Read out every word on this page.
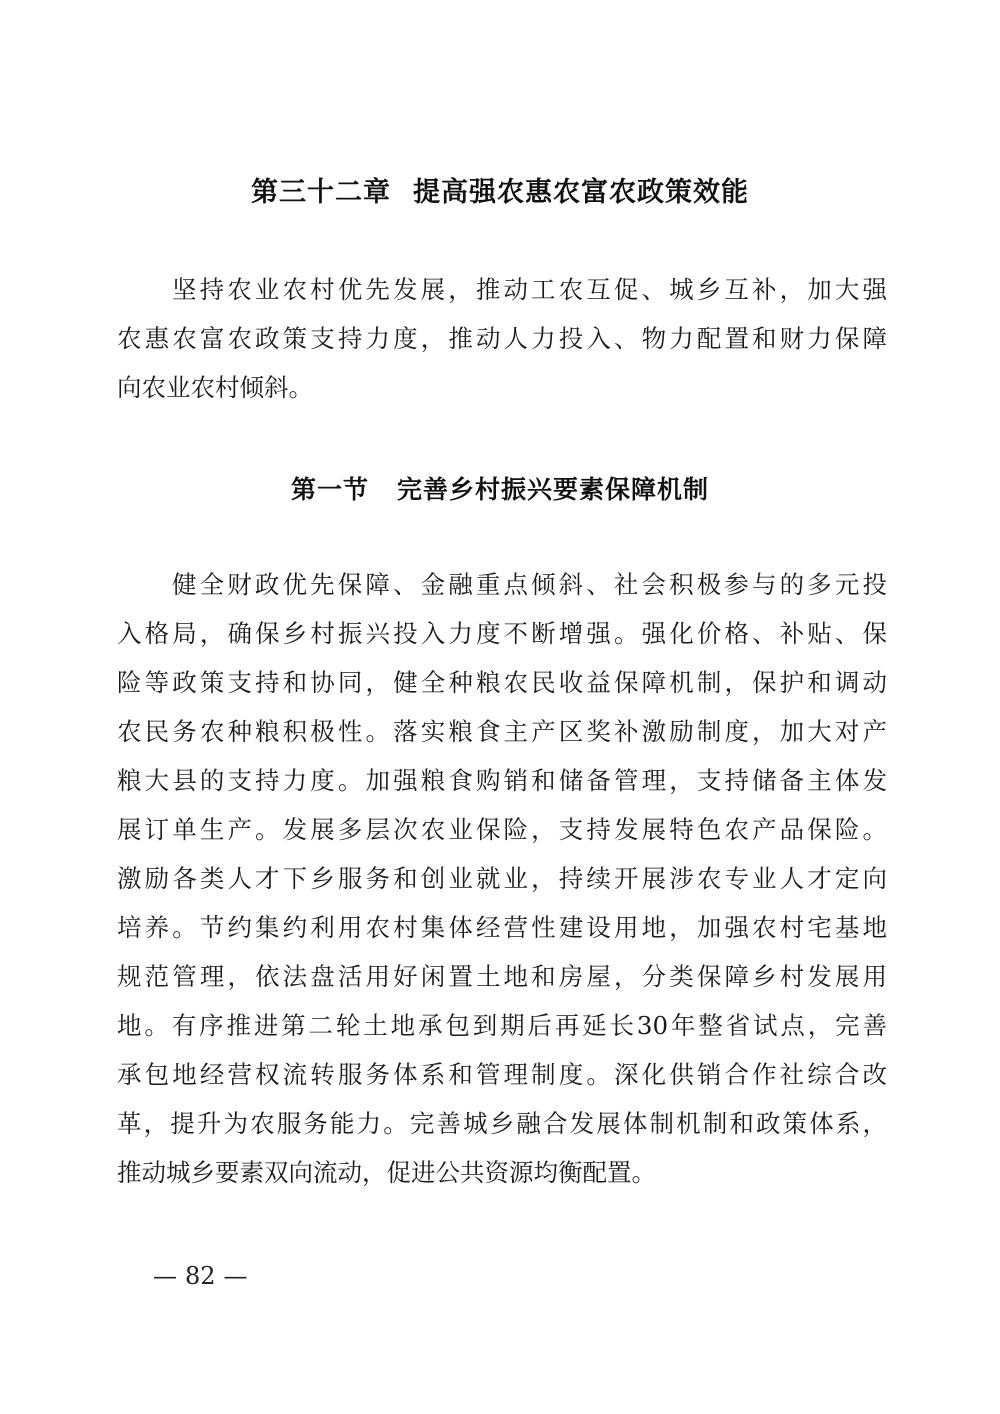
第三十二章 提高强农惠农富农政策效能
坚持农业农村优先发展，推动工农互促、城乡互补，加大强
农惠农富农政策支持力度，推动人力投入、物力配置和财力保障
向农业农村倾斜。
第一节 完善乡村振兴要素保障机制
健全财政优先保障、金融重点倾斜、社会积极参与的多元投
入格局，确保乡村振兴投入力度不断增强。强化价格、补贴、保
险等政策支持和协同，健全种粮农民收益保障机制，保护和调动
农民务农种粮积极性。落实粮食主产区奖补激励制度，加大对产
粮大县的支持力度。加强粮食购销和储备管理，支持储备主体发
展订单生产。发展多层次农业保险，支持发展特色农产品保险。
激励各类人才下乡服务和创业就业，持续开展涉农专业人才定向
培养。节约集约利用农村集体经营性建设用地，加强农村宅基地
规范管理，依法盘活用好闲置土地和房屋，分类保障乡村发展用
地。有序推进第二轮土地承包到期后再延长30年整省试点，完善
承包地经营权流转服务体系和管理制度。深化供销合作社综合改
革，提升为农服务能力。完善城乡融合发展体制机制和政策体系，
推动城乡要素双向流动，促进公共资源均衡配置。
— 82 —
